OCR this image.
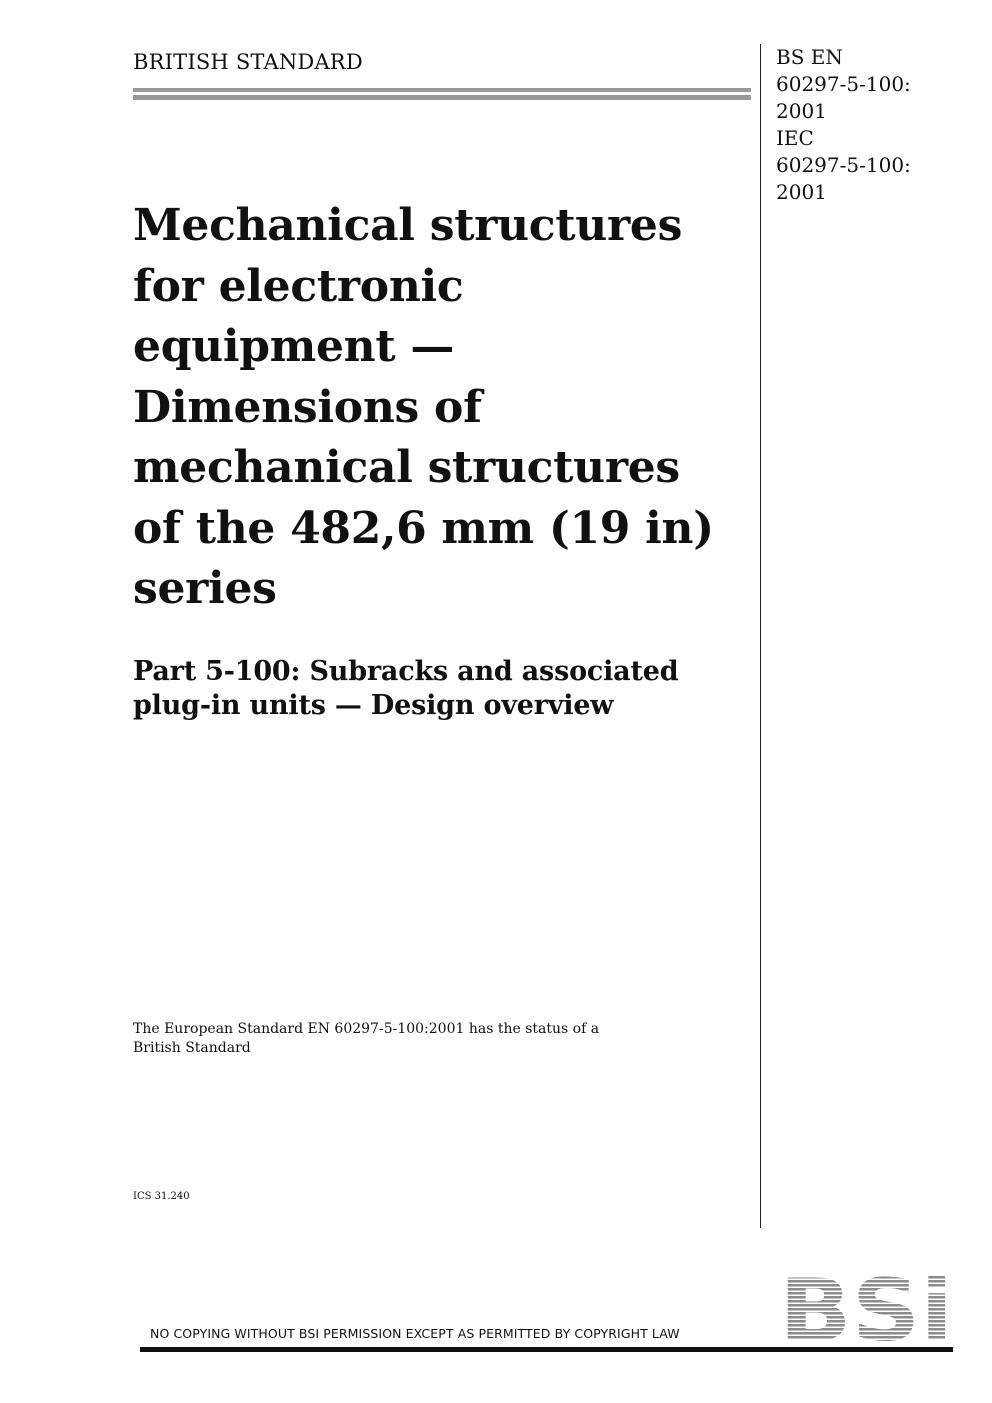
BRITISH STANDARD	BS EN
60297-5-100:
2001
IEC
60297-5-100:
2001
Mechanical structures
for electronic
equipment —
Dimensions of
mechanical structures
of the 482,6 mm (19 in)
series
Part 5-100: Subracks and associated
plug-in units — Design overview
The European Standard EN 60297-5-100:2001 has the status of a
British Standard
ICS 31.240
NO COPYING WITHOUT BSI PERMISSION EXCEPT AS PERMITTED BY COPYRIGHT LAW BSi
